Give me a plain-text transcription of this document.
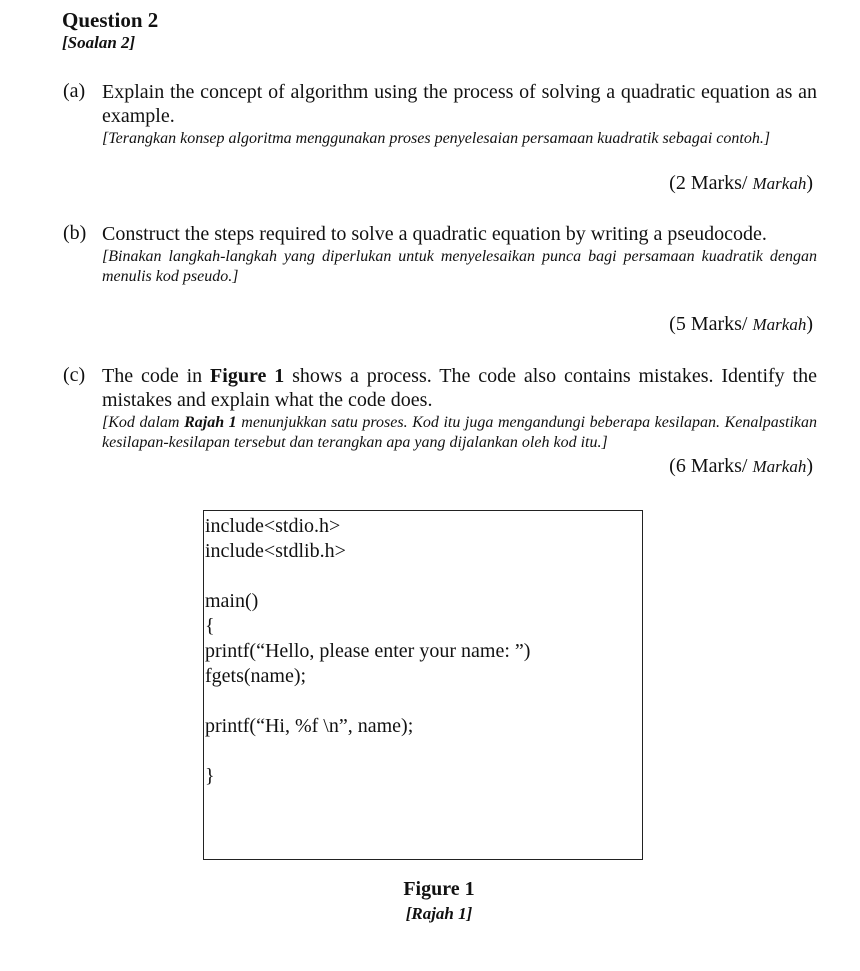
Question 2
[Soalan 2]
(a) Explain the concept of algorithm using the process of solving a quadratic equation as an example.
[Terangkan konsep algoritma menggunakan proses penyelesaian persamaan kuadratik sebagai contoh.]
(2 Marks/ Markah)
(b) Construct the steps required to solve a quadratic equation by writing a pseudocode.
[Binakan langkah-langkah yang diperlukan untuk menyelesaikan punca bagi persamaan kuadratik dengan menulis kod pseudo.]
(5 Marks/ Markah)
(c) The code in Figure 1 shows a process. The code also contains mistakes. Identify the mistakes and explain what the code does.
[Kod dalam Rajah 1 menunjukkan satu proses. Kod itu juga mengandungi beberapa kesilapan. Kenalpastikan kesilapan-kesilapan tersebut dan terangkan apa yang dijalankan oleh kod itu.]
(6 Marks/ Markah)
include<stdio.h>
include<stdlib.h>
main()
{
printf(“Hello, please enter your name: ”)
fgets(name);
printf(“Hi, %f \n”, name);
}
Figure 1
[Rajah 1]
